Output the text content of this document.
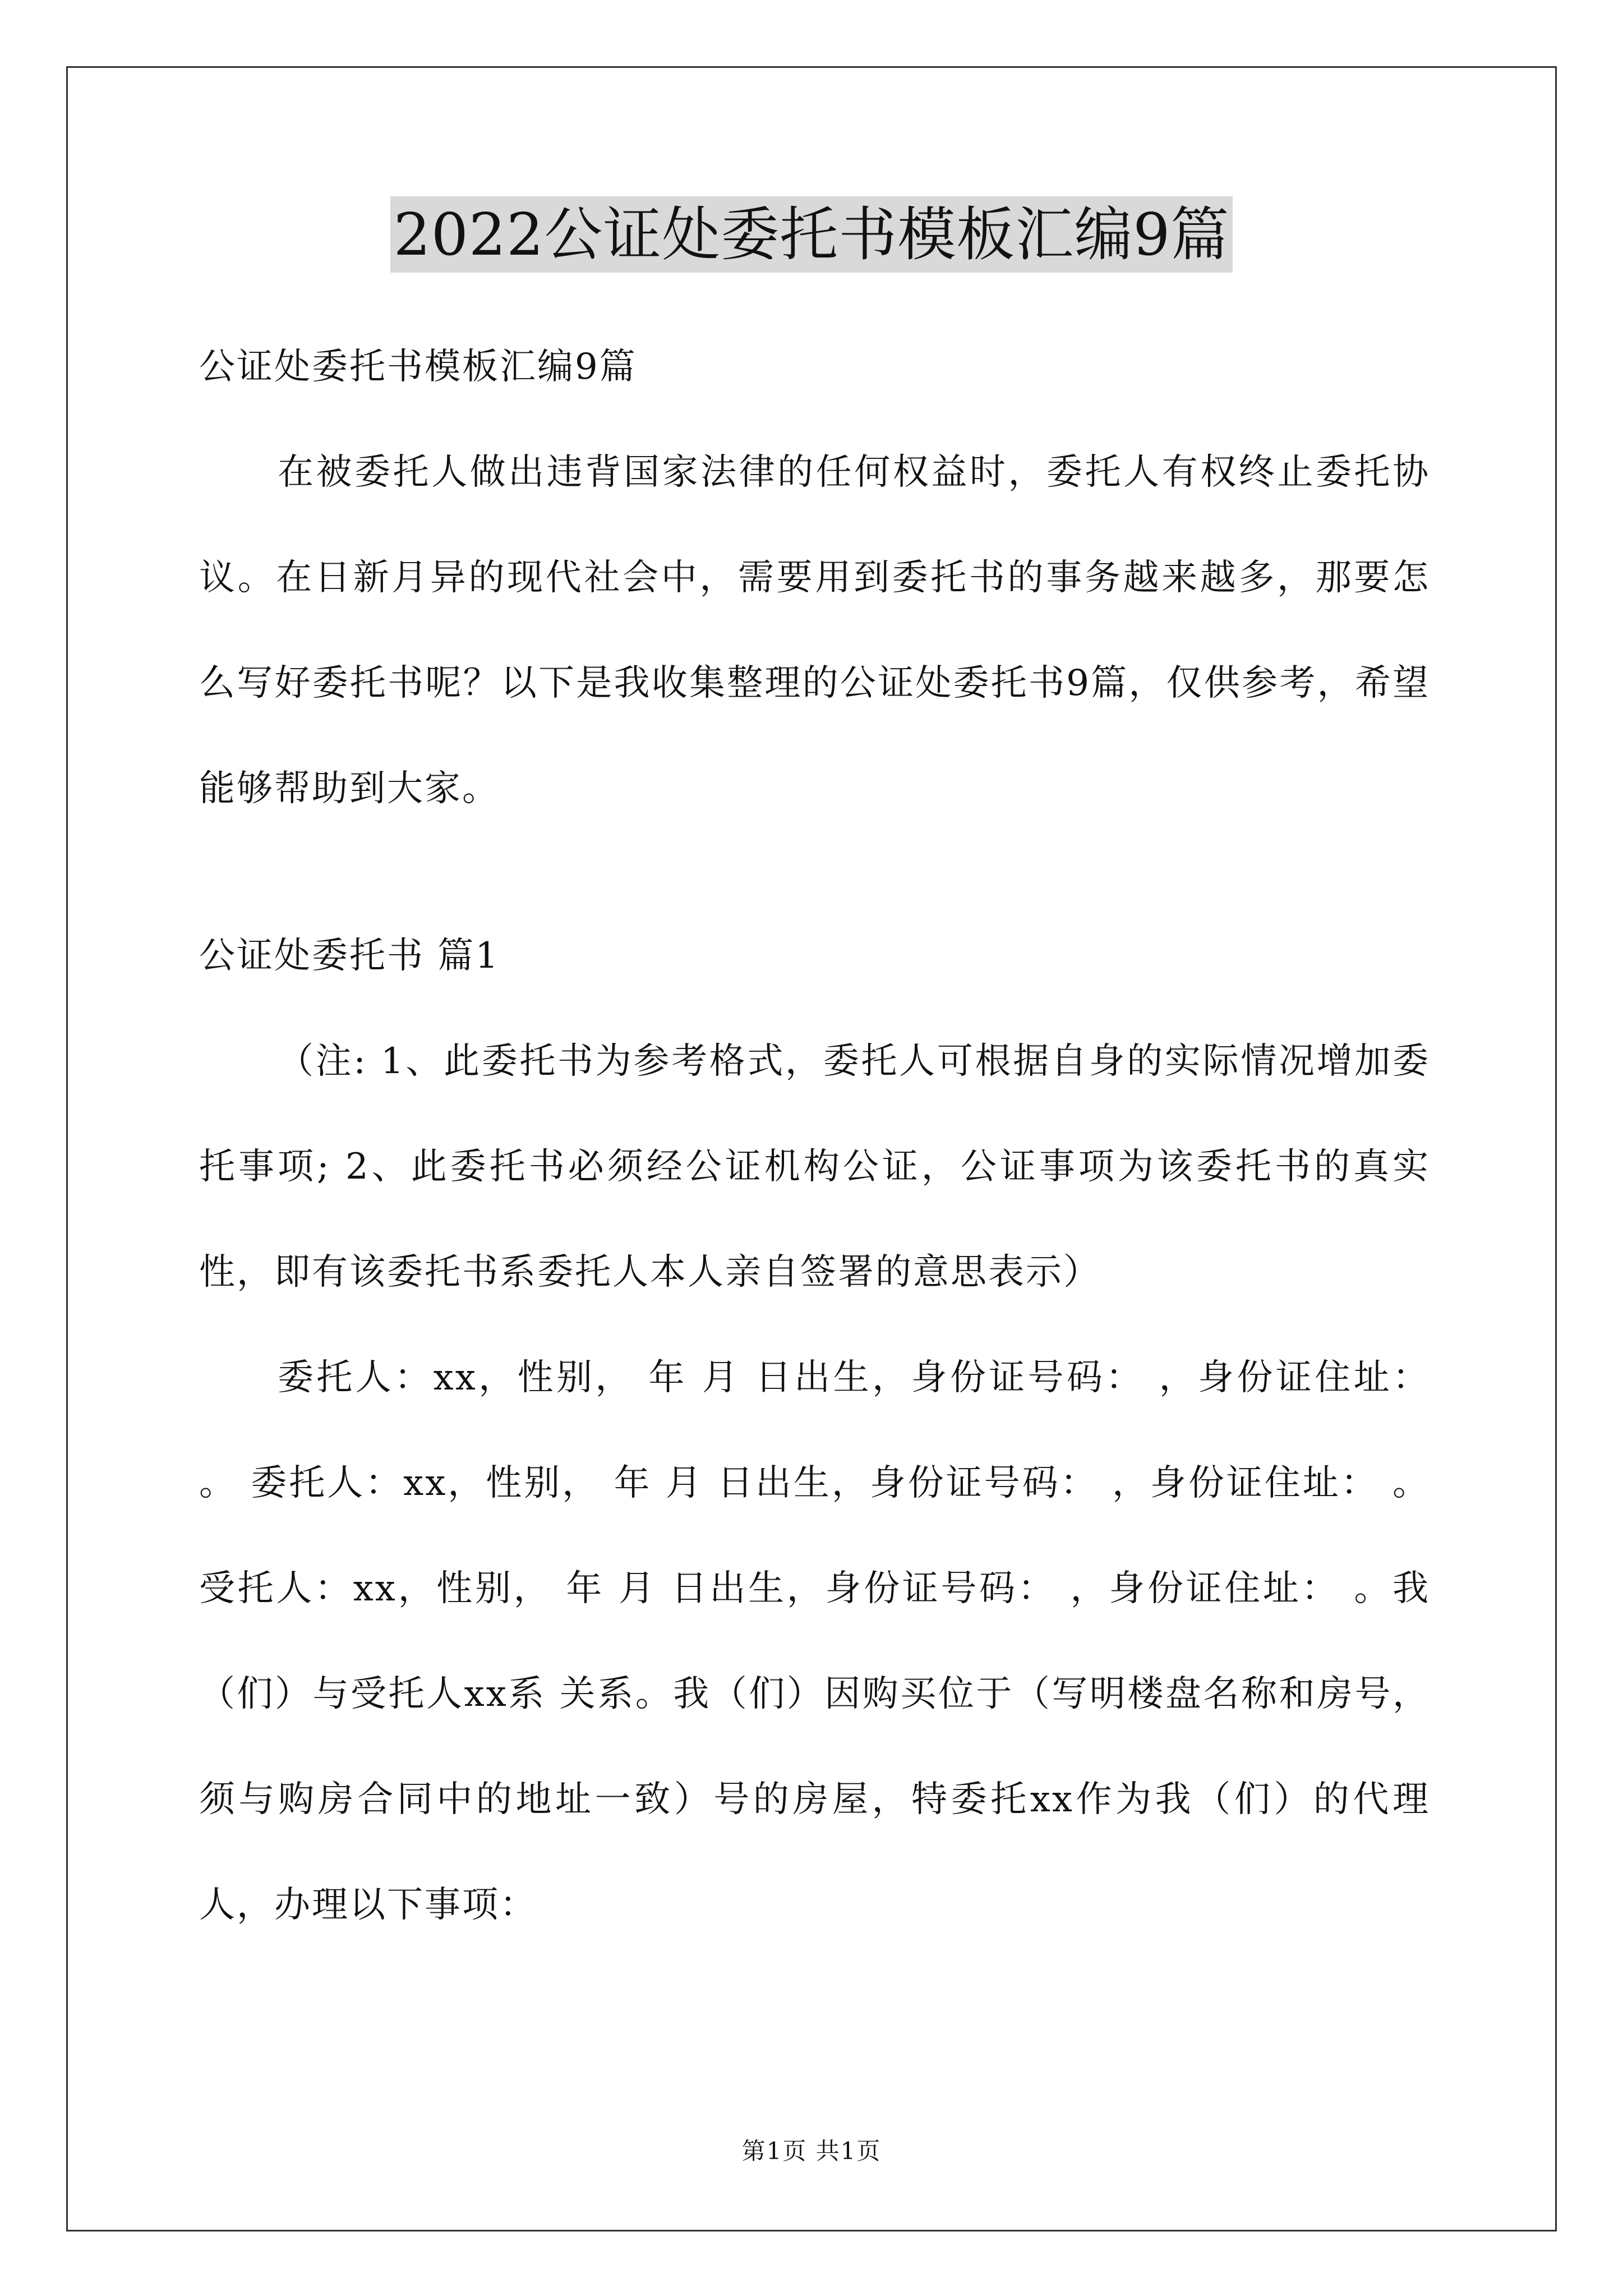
2022公证处委托书模板汇编9篇

公证处委托书模板汇编9篇

在被委托人做出违背国家法律的任何权益时，委托人有权终止委托协议。在日新月异的现代社会中，需要用到委托书的事务越来越多，那要怎么写好委托书呢？以下是我收集整理的公证处委托书9篇，仅供参考，希望能够帮助到大家。

公证处委托书 篇1

（注: 1、此委托书为参考格式，委托人可根据自身的实际情况增加委托事项; 2、此委托书必须经公证机构公证，公证事项为该委托书的真实性，即有该委托书系委托人本人亲自签署的意思表示）

委托人：xx，性别， 年 月 日出生，身份证号码： ，身份证住址： 。 委托人：xx，性别， 年 月 日出生，身份证号码： ，身份证住址： 。 受托人：xx，性别， 年 月 日出生，身份证号码： ，身份证住址： 。我（们）与受托人xx系 关系。我（们）因购买位于（写明楼盘名称和房号，须与购房合同中的地址一致）号的房屋，特委托xx作为我（们）的代理人，办理以下事项：

第1页 共1页
